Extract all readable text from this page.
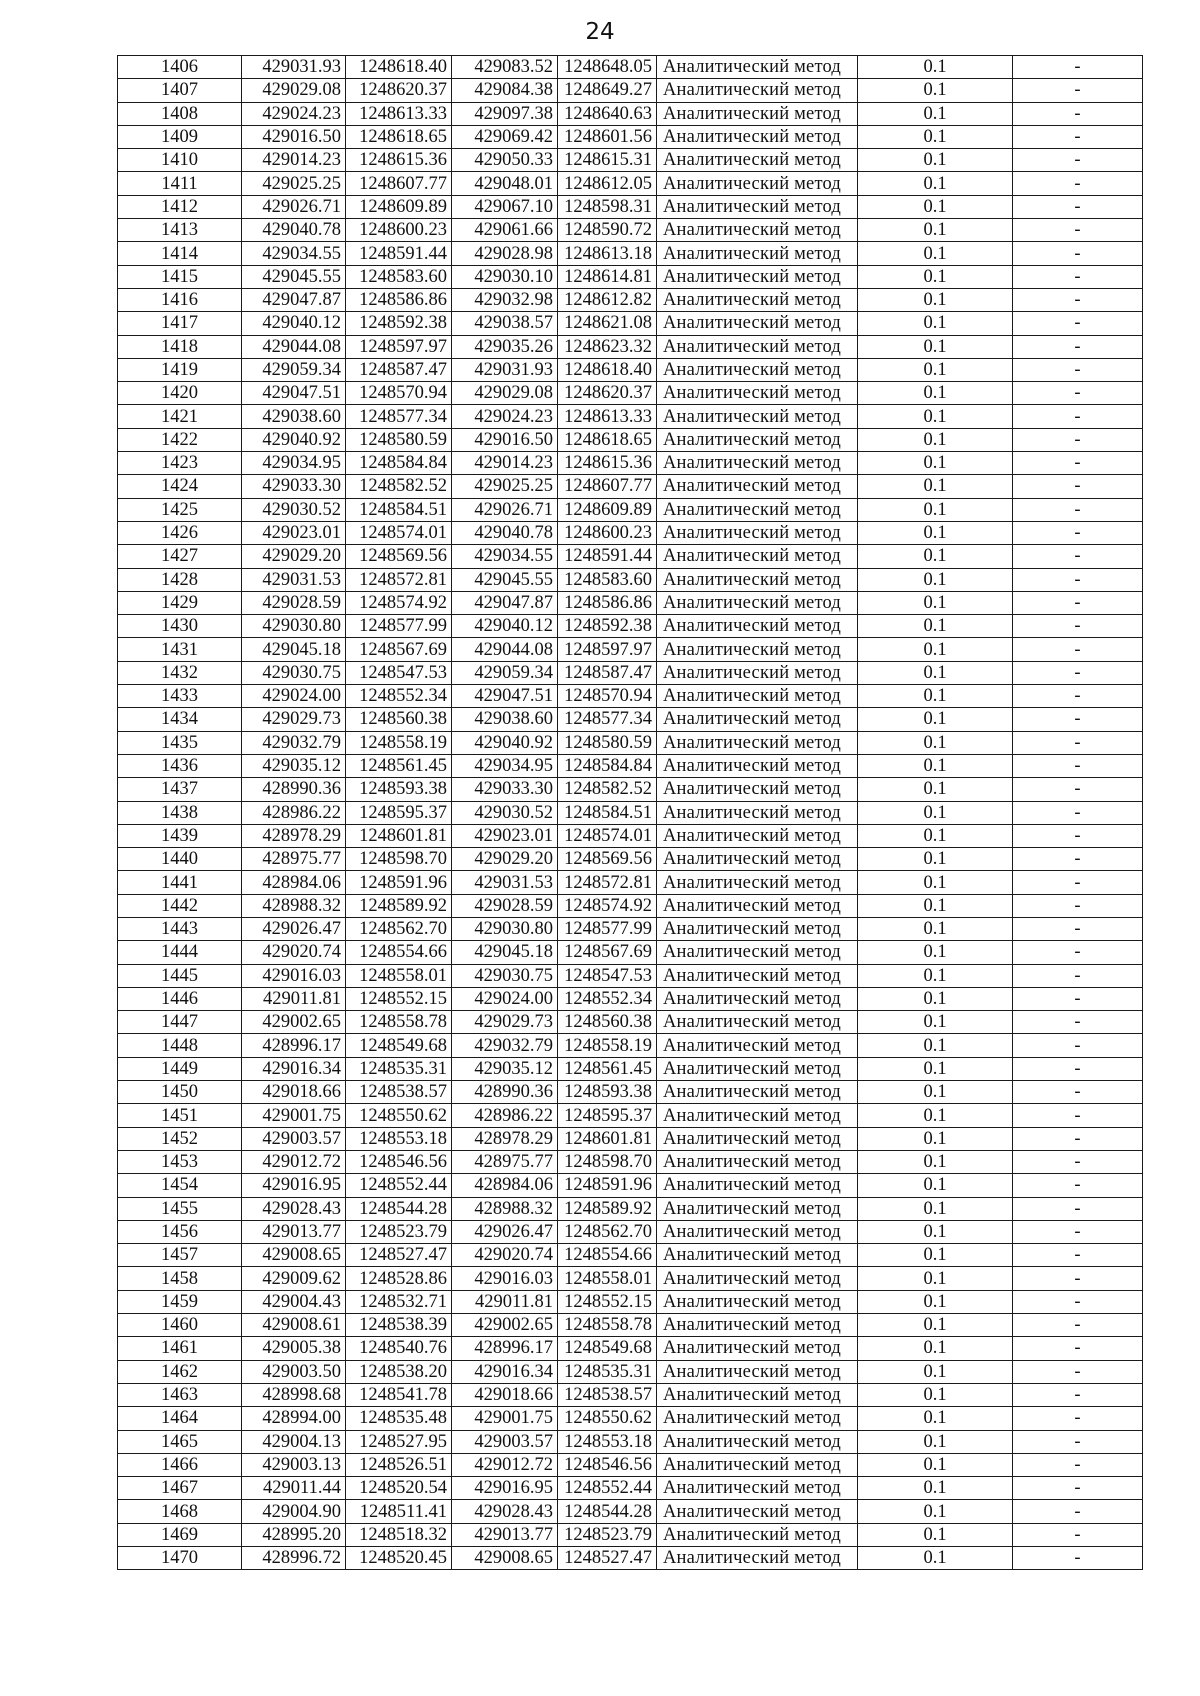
24
1406	429031.93	1248618.40	429083.52	1248648.05	Аналитический метод	0.1	-
1407	429029.08	1248620.37	429084.38	1248649.27	Аналитический метод	0.1	-
1408	429024.23	1248613.33	429097.38	1248640.63	Аналитический метод	0.1	-
1409	429016.50	1248618.65	429069.42	1248601.56	Аналитический метод	0.1	-
1410	429014.23	1248615.36	429050.33	1248615.31	Аналитический метод	0.1	-
1411	429025.25	1248607.77	429048.01	1248612.05	Аналитический метод	0.1	-
1412	429026.71	1248609.89	429067.10	1248598.31	Аналитический метод	0.1	-
1413	429040.78	1248600.23	429061.66	1248590.72	Аналитический метод	0.1	-
1414	429034.55	1248591.44	429028.98	1248613.18	Аналитический метод	0.1	-
1415	429045.55	1248583.60	429030.10	1248614.81	Аналитический метод	0.1	-
1416	429047.87	1248586.86	429032.98	1248612.82	Аналитический метод	0.1	-
1417	429040.12	1248592.38	429038.57	1248621.08	Аналитический метод	0.1	-
1418	429044.08	1248597.97	429035.26	1248623.32	Аналитический метод	0.1	-
1419	429059.34	1248587.47	429031.93	1248618.40	Аналитический метод	0.1	-
1420	429047.51	1248570.94	429029.08	1248620.37	Аналитический метод	0.1	-
1421	429038.60	1248577.34	429024.23	1248613.33	Аналитический метод	0.1	-
1422	429040.92	1248580.59	429016.50	1248618.65	Аналитический метод	0.1	-
1423	429034.95	1248584.84	429014.23	1248615.36	Аналитический метод	0.1	-
1424	429033.30	1248582.52	429025.25	1248607.77	Аналитический метод	0.1	-
1425	429030.52	1248584.51	429026.71	1248609.89	Аналитический метод	0.1	-
1426	429023.01	1248574.01	429040.78	1248600.23	Аналитический метод	0.1	-
1427	429029.20	1248569.56	429034.55	1248591.44	Аналитический метод	0.1	-
1428	429031.53	1248572.81	429045.55	1248583.60	Аналитический метод	0.1	-
1429	429028.59	1248574.92	429047.87	1248586.86	Аналитический метод	0.1	-
1430	429030.80	1248577.99	429040.12	1248592.38	Аналитический метод	0.1	-
1431	429045.18	1248567.69	429044.08	1248597.97	Аналитический метод	0.1	-
1432	429030.75	1248547.53	429059.34	1248587.47	Аналитический метод	0.1	-
1433	429024.00	1248552.34	429047.51	1248570.94	Аналитический метод	0.1	-
1434	429029.73	1248560.38	429038.60	1248577.34	Аналитический метод	0.1	-
1435	429032.79	1248558.19	429040.92	1248580.59	Аналитический метод	0.1	-
1436	429035.12	1248561.45	429034.95	1248584.84	Аналитический метод	0.1	-
1437	428990.36	1248593.38	429033.30	1248582.52	Аналитический метод	0.1	-
1438	428986.22	1248595.37	429030.52	1248584.51	Аналитический метод	0.1	-
1439	428978.29	1248601.81	429023.01	1248574.01	Аналитический метод	0.1	-
1440	428975.77	1248598.70	429029.20	1248569.56	Аналитический метод	0.1	-
1441	428984.06	1248591.96	429031.53	1248572.81	Аналитический метод	0.1	-
1442	428988.32	1248589.92	429028.59	1248574.92	Аналитический метод	0.1	-
1443	429026.47	1248562.70	429030.80	1248577.99	Аналитический метод	0.1	-
1444	429020.74	1248554.66	429045.18	1248567.69	Аналитический метод	0.1	-
1445	429016.03	1248558.01	429030.75	1248547.53	Аналитический метод	0.1	-
1446	429011.81	1248552.15	429024.00	1248552.34	Аналитический метод	0.1	-
1447	429002.65	1248558.78	429029.73	1248560.38	Аналитический метод	0.1	-
1448	428996.17	1248549.68	429032.79	1248558.19	Аналитический метод	0.1	-
1449	429016.34	1248535.31	429035.12	1248561.45	Аналитический метод	0.1	-
1450	429018.66	1248538.57	428990.36	1248593.38	Аналитический метод	0.1	-
1451	429001.75	1248550.62	428986.22	1248595.37	Аналитический метод	0.1	-
1452	429003.57	1248553.18	428978.29	1248601.81	Аналитический метод	0.1	-
1453	429012.72	1248546.56	428975.77	1248598.70	Аналитический метод	0.1	-
1454	429016.95	1248552.44	428984.06	1248591.96	Аналитический метод	0.1	-
1455	429028.43	1248544.28	428988.32	1248589.92	Аналитический метод	0.1	-
1456	429013.77	1248523.79	429026.47	1248562.70	Аналитический метод	0.1	-
1457	429008.65	1248527.47	429020.74	1248554.66	Аналитический метод	0.1	-
1458	429009.62	1248528.86	429016.03	1248558.01	Аналитический метод	0.1	-
1459	429004.43	1248532.71	429011.81	1248552.15	Аналитический метод	0.1	-
1460	429008.61	1248538.39	429002.65	1248558.78	Аналитический метод	0.1	-
1461	429005.38	1248540.76	428996.17	1248549.68	Аналитический метод	0.1	-
1462	429003.50	1248538.20	429016.34	1248535.31	Аналитический метод	0.1	-
1463	428998.68	1248541.78	429018.66	1248538.57	Аналитический метод	0.1	-
1464	428994.00	1248535.48	429001.75	1248550.62	Аналитический метод	0.1	-
1465	429004.13	1248527.95	429003.57	1248553.18	Аналитический метод	0.1	-
1466	429003.13	1248526.51	429012.72	1248546.56	Аналитический метод	0.1	-
1467	429011.44	1248520.54	429016.95	1248552.44	Аналитический метод	0.1	-
1468	429004.90	1248511.41	429028.43	1248544.28	Аналитический метод	0.1	-
1469	428995.20	1248518.32	429013.77	1248523.79	Аналитический метод	0.1	-
1470	428996.72	1248520.45	429008.65	1248527.47	Аналитический метод	0.1	-
